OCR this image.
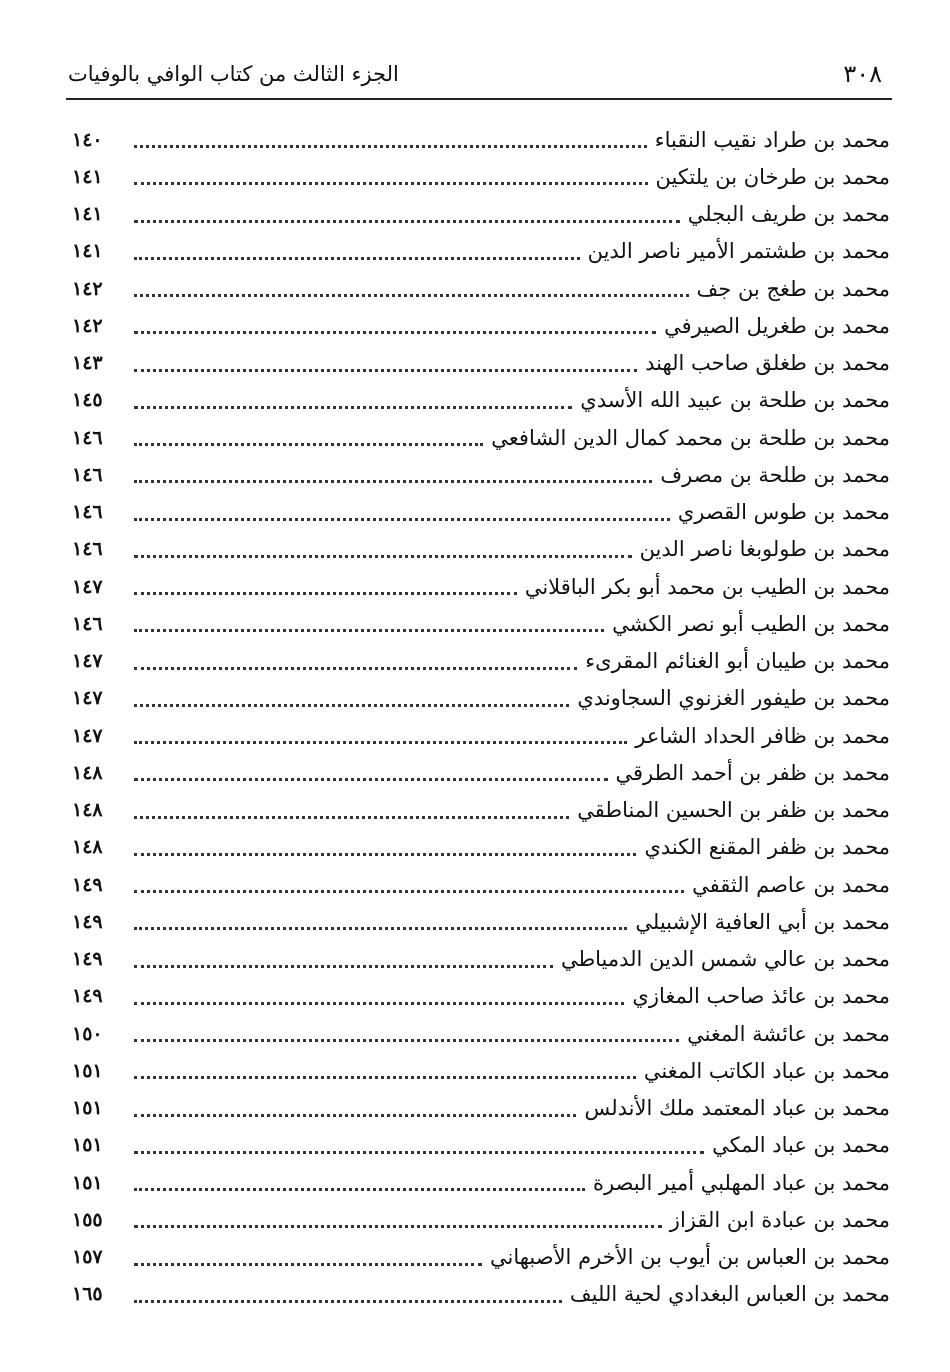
٣٠٨
الجزء الثالث من كتاب الوافي بالوفيات
محمد بن طراد نقيب النقباء
١٤٠
محمد بن طرخان بن يلتكين
١٤١
محمد بن طريف البجلي
١٤١
محمد بن طشتمر الأمير ناصر الدين
١٤١
محمد بن طغج بن جف
١٤٢
محمد بن طغريل الصيرفي
١٤٢
محمد بن طغلق صاحب الهند
١٤٣
محمد بن طلحة بن عبيد الله الأسدي
١٤٥
محمد بن طلحة بن محمد كمال الدين الشافعي
١٤٦
محمد بن طلحة بن مصرف
١٤٦
محمد بن طوس القصري
١٤٦
محمد بن طولوبغا ناصر الدين
١٤٦
محمد بن الطيب بن محمد أبو بكر الباقلاني
١٤٧
محمد بن الطيب أبو نصر الكشي
١٤٦
محمد بن طيبان أبو الغنائم المقرىء
١٤٧
محمد بن طيفور الغزنوي السجاوندي
١٤٧
محمد بن ظافر الحداد الشاعر
١٤٧
محمد بن ظفر بن أحمد الطرقي
١٤٨
محمد بن ظفر بن الحسين المناطقي
١٤٨
محمد بن ظفر المقنع الكندي
١٤٨
محمد بن عاصم الثقفي
١٤٩
محمد بن أبي العافية الإشبيلي
١٤٩
محمد بن عالي شمس الدين الدمياطي
١٤٩
محمد بن عائذ صاحب المغازي
١٤٩
محمد بن عائشة المغني
١٥٠
محمد بن عباد الكاتب المغني
١٥١
محمد بن عباد المعتمد ملك الأندلس
١٥١
محمد بن عباد المكي
١٥١
محمد بن عباد المهلبي أمير البصرة
١٥١
محمد بن عبادة ابن القزاز
١٥٥
محمد بن العباس بن أيوب بن الأخرم الأصبهاني
١٥٧
محمد بن العباس البغدادي لحية الليف
١٦٥
